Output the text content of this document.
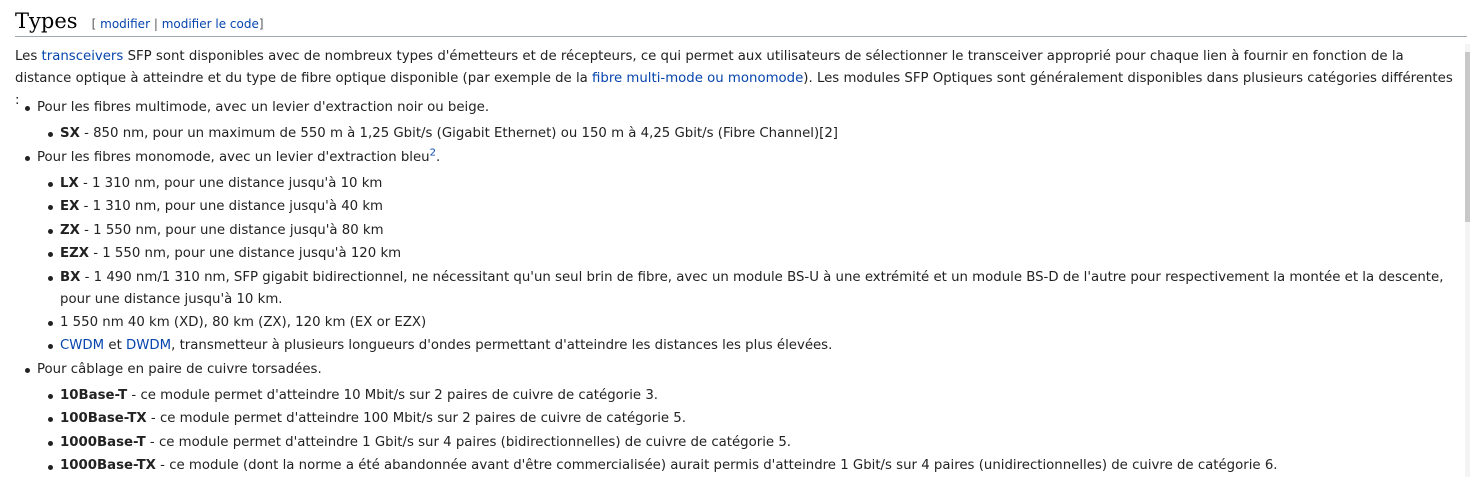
Types [ modifier | modifier le code]

Les transceivers SFP sont disponibles avec de nombreux types d'émetteurs et de récepteurs, ce qui permet aux utilisateurs de sélectionner le transceiver approprié pour chaque lien à fournir en fonction de la distance optique à atteindre et du type de fibre optique disponible (par exemple de la fibre multi-mode ou monomode). Les modules SFP Optiques sont généralement disponibles dans plusieurs catégories différentes :	Pour les fibres multimode, avec un levier d'extraction noir ou beige.
SX - 850 nm, pour un maximum de 550 m à 1,25 Gbit/s (Gigabit Ethernet) ou 150 m à 4,25 Gbit/s (Fibre Channel)[2]
Pour les fibres monomode, avec un levier d'extraction bleu$^2$.
LX - 1 310 nm, pour une distance jusqu'à 10 km
EX - 1 310 nm, pour une distance jusqu'à 40 km
ZX - 1 550 nm, pour une distance jusqu'à 80 km
EZX - 1 550 nm, pour une distance jusqu'à 120 km
BX - 1 490 nm/1 310 nm, SFP gigabit bidirectionnel, ne nécessitant qu'un seul brin de fibre, avec un module BS-U à une extrémité et un module BS-D de l'autre pour respectivement la montée et la descente, pour une distance jusqu'à 10 km.
1 550 nm 40 km (XD), 80 km (ZX), 120 km (EX or EZX)
CWDM et DWDM, transmetteur à plusieurs longueurs d'ondes permettant d'atteindre les distances les plus élevées.
Pour câblage en paire de cuivre torsadées.
10Base-T - ce module permet d'atteindre 10 Mbit/s sur 2 paires de cuivre de catégorie 3.
100Base-TX - ce module permet d'atteindre 100 Mbit/s sur 2 paires de cuivre de catégorie 5.
1000Base-T - ce module permet d'atteindre 1 Gbit/s sur 4 paires (bidirectionnelles) de cuivre de catégorie 5.
1000Base-TX - ce module (dont la norme a été abandonnée avant d'être commercialisée) aurait permis d'atteindre 1 Gbit/s sur 4 paires (unidirectionnelles) de cuivre de catégorie 6.
